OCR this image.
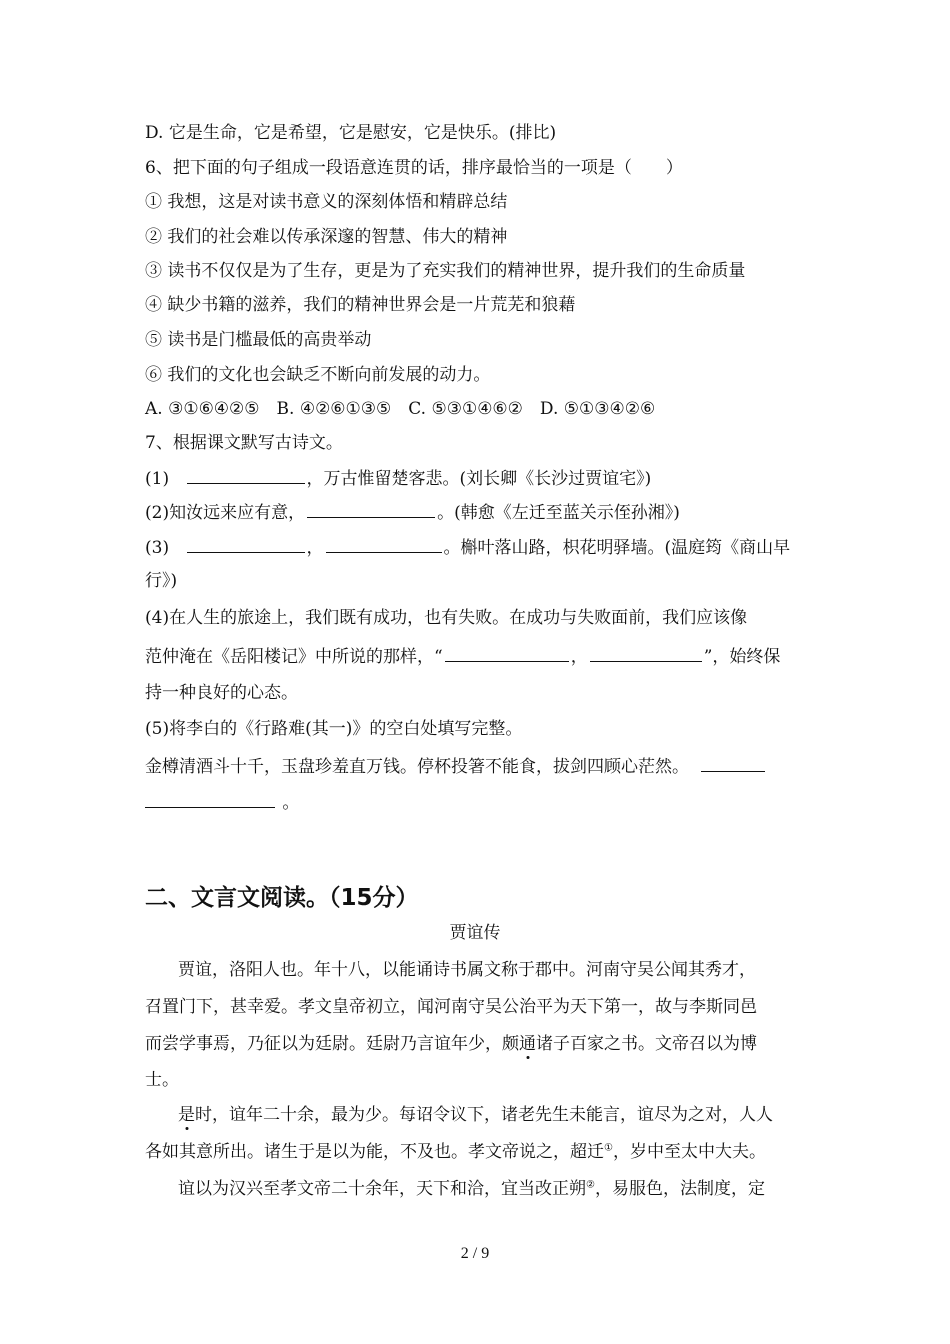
D. 它是生命，它是希望，它是慰安，它是快乐。(排比)
6、把下面的句子组成一段语意连贯的话，排序最恰当的一项是（　　）
① 我想，这是对读书意义的深刻体悟和精辟总结
② 我们的社会难以传承深邃的智慧、伟大的精神
③ 读书不仅仅是为了生存，更是为了充实我们的精神世界，提升我们的生命质量
④ 缺少书籍的滋养，我们的精神世界会是一片荒芜和狼藉
⑤ 读书是门槛最低的高贵举动
⑥ 我们的文化也会缺乏不断向前发展的动力。
A. ③①⑥④②⑤　B. ④②⑥①③⑤　C. ⑤③①④⑥②　D. ⑤①③④②⑥
7、根据课文默写古诗文。
(1)	，万古惟留楚客悲。(刘长卿《长沙过贾谊宅》)
(2)知汝远来应有意，	。(韩愈《左迁至蓝关示侄孙湘》)
(3)	，	。槲叶落山路，枳花明驿墙。(温庭筠《商山早
行》)
(4)在人生的旅途上，我们既有成功，也有失败。在成功与失败面前，我们应该像
范仲淹在《岳阳楼记》中所说的那样，“	，	”，始终保
持一种良好的心态。
(5)将李白的《行路难(其一)》的空白处填写完整。
金樽清酒斗十千，玉盘珍羞直万钱。停杯投箸不能食，拔剑四顾心茫然。
。
二、文言文阅读。（15分）
贾谊传
贾谊，洛阳人也。年十八，以能诵诗书属文称于郡中。河南守吴公闻其秀才，
召置门下，甚幸爱。孝文皇帝初立，闻河南守吴公治平为天下第一，故与李斯同邑
而尝学事焉，乃征以为廷尉。廷尉乃言谊年少，颇通诸子百家之书。文帝召以为博
士。
是时，谊年二十余，最为少。每诏令议下，诸老先生未能言，谊尽为之对，人人
各如其意所出。诸生于是以为能，不及也。孝文帝说之，超迁①，岁中至太中大夫。
谊以为汉兴至孝文帝二十余年，天下和洽，宜当改正朔②，易服色，法制度，定
2 / 9
